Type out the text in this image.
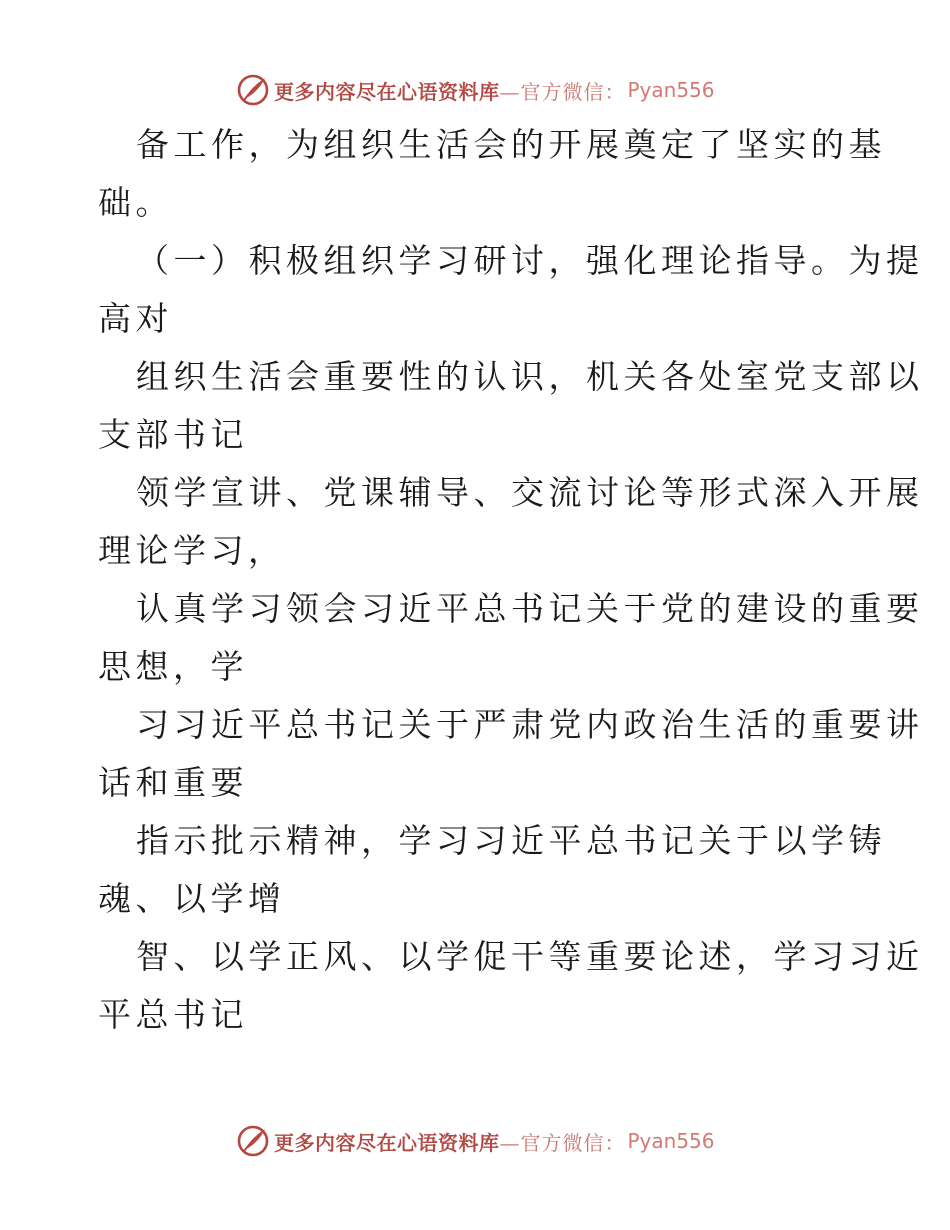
更多内容尽在心语资料库 —官方微信： Pyan556
备工作，为组织生活会的开展奠定了坚实的基
础。
（一）积极组织学习研讨，强化理论指导。为提
高对
组织生活会重要性的认识，机关各处室党支部以
支部书记
领学宣讲、党课辅导、交流讨论等形式深入开展
理论学习，
认真学习领会习近平总书记关于党的建设的重要
思想，学
习习近平总书记关于严肃党内政治生活的重要讲
话和重要
指示批示精神，学习习近平总书记关于以学铸
魂、以学增
智、以学正风、以学促干等重要论述，学习习近
平总书记
更多内容尽在心语资料库 —官方微信： Pyan556
